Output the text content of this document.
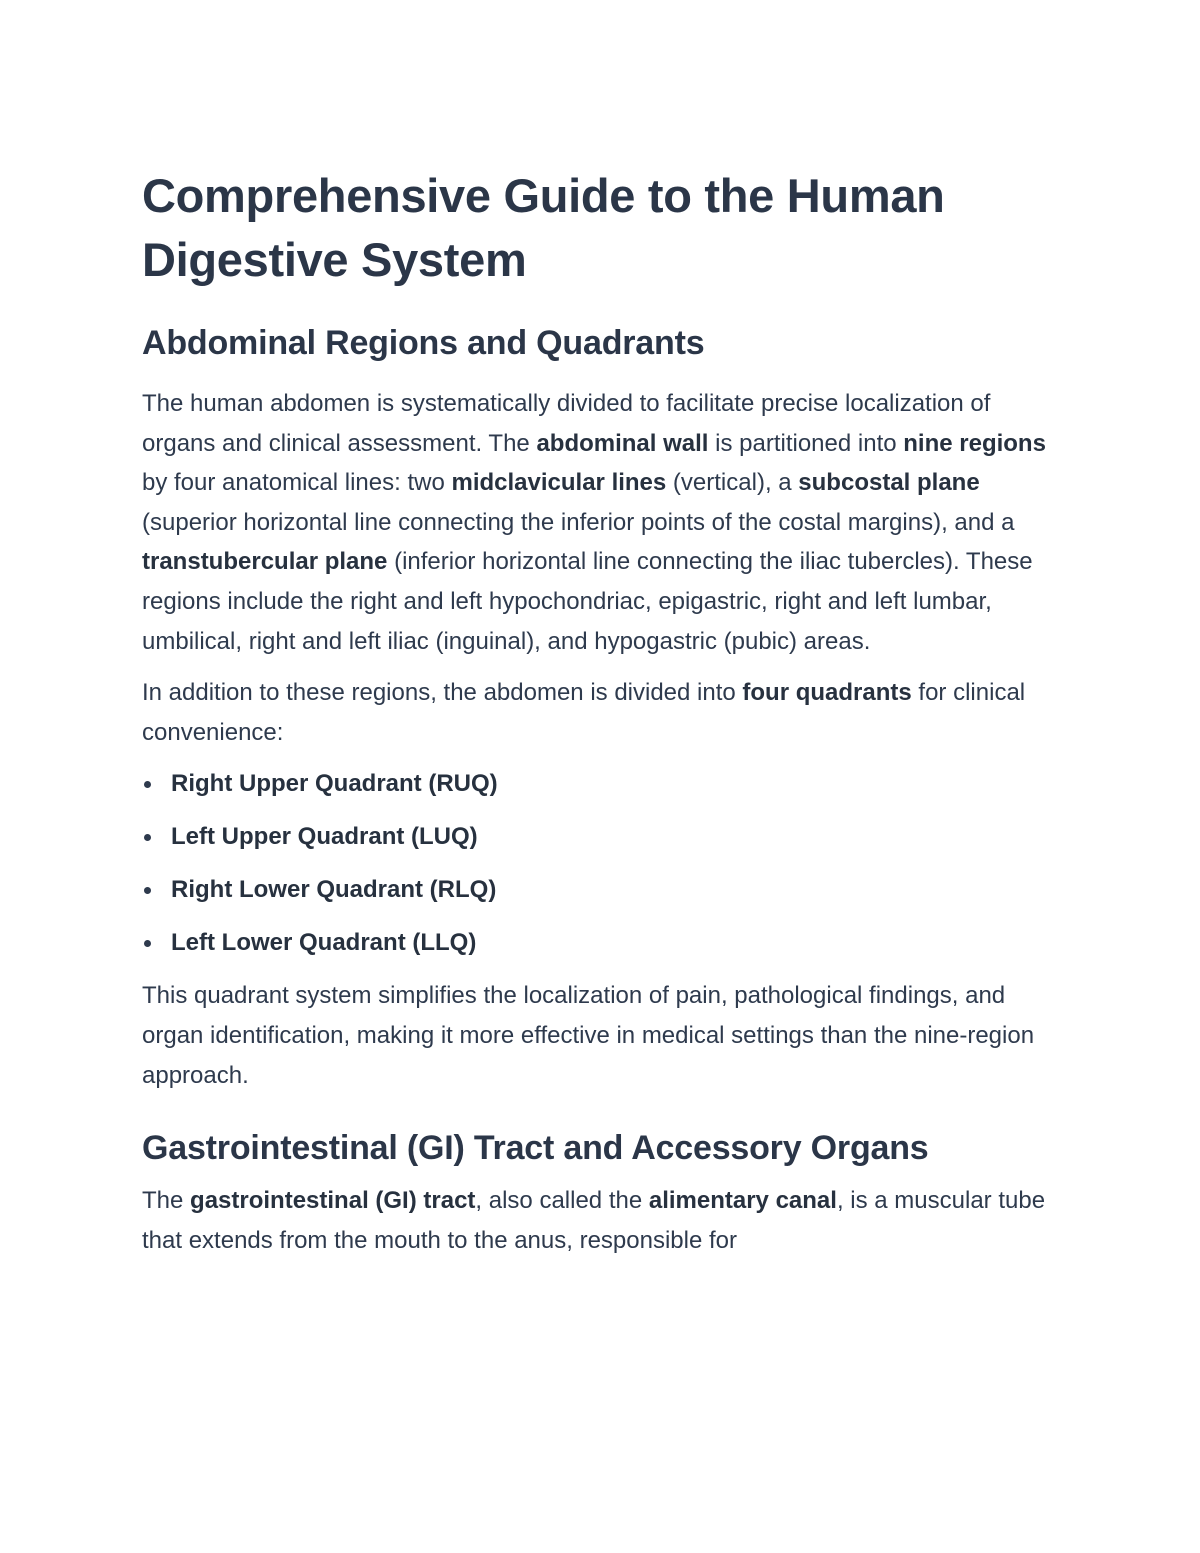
Comprehensive Guide to the Human Digestive System
Abdominal Regions and Quadrants

The human abdomen is systematically divided to facilitate precise localization of organs and clinical assessment. The abdominal wall is partitioned into nine regions by four anatomical lines: two midclavicular lines (vertical), a subcostal plane (superior horizontal line connecting the inferior points of the costal margins), and a transtubercular plane (inferior horizontal line connecting the iliac tubercles). These regions include the right and left hypochondriac, epigastric, right and left lumbar, umbilical, right and left iliac (inguinal), and hypogastric (pubic) areas.

In addition to these regions, the abdomen is divided into four quadrants for clinical convenience:

Right Upper Quadrant (RUQ)
Left Upper Quadrant (LUQ)
Right Lower Quadrant (RLQ)
Left Lower Quadrant (LLQ)

This quadrant system simplifies the localization of pain, pathological findings, and organ identification, making it more effective in medical settings than the nine-region approach.

Gastrointestinal (GI) Tract and Accessory Organs

The gastrointestinal (GI) tract, also called the alimentary canal, is a muscular tube that extends from the mouth to the anus, responsible for
